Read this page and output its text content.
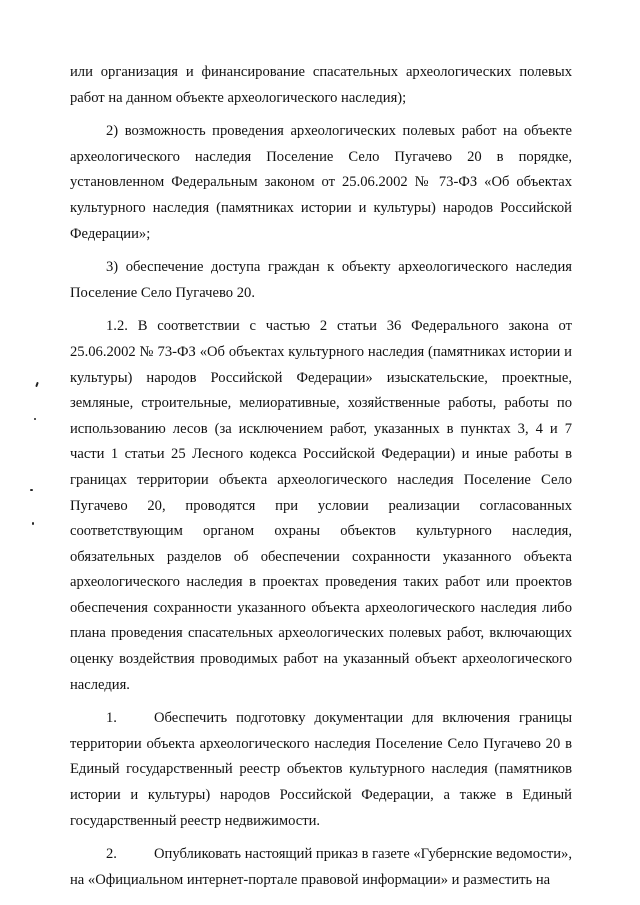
или организация и финансирование спасательных археологических полевых работ на данном объекте археологического наследия);

2) возможность проведения археологических полевых работ на объекте археологического наследия Поселение Село Пугачево 20 в порядке, установленном Федеральным законом от 25.06.2002 № 73-ФЗ «Об объектах культурного наследия (памятниках истории и культуры) народов Российской Федерации»;

3) обеспечение доступа граждан к объекту археологического наследия Поселение Село Пугачево 20.

1.2. В соответствии с частью 2 статьи 36 Федерального закона от 25.06.2002 № 73-ФЗ «Об объектах культурного наследия (памятниках истории и культуры) народов Российской Федерации» изыскательские, проектные, земляные, строительные, мелиоративные, хозяйственные работы, работы по использованию лесов (за исключением работ, указанных в пунктах 3, 4 и 7 части 1 статьи 25 Лесного кодекса Российской Федерации) и иные работы в границах территории объекта археологического наследия Поселение Село Пугачево 20, проводятся при условии реализации согласованных соответствующим органом охраны объектов культурного наследия, обязательных разделов об обеспечении сохранности указанного объекта археологического наследия в проектах проведения таких работ или проектов обеспечения сохранности указанного объекта археологического наследия либо плана проведения спасательных археологических полевых работ, включающих оценку воздействия проводимых работ на указанный объект археологического наследия.

1.	Обеспечить подготовку документации для включения границы территории объекта археологического наследия Поселение Село Пугачево 20 в Единый государственный реестр объектов культурного наследия (памятников истории и культуры) народов Российской Федерации, а также в Единый государственный реестр недвижимости.

2.	Опубликовать настоящий приказ в газете «Губернские ведомости», на «Официальном интернет-портале правовой информации» и разместить на
